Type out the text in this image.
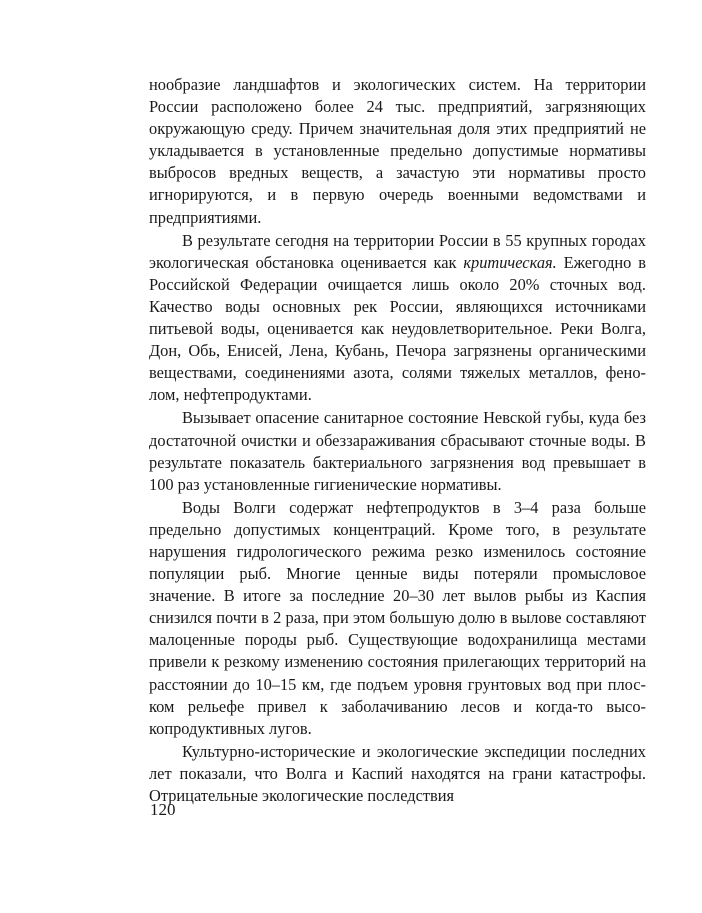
нообразие ландшафтов и экологических систем. На территории России расположено более 24 тыс. предприятий, загрязняющих окружающую среду. Причем значительная доля этих предприятий не укладывается в установленные предельно допустимые нормативы выбросов вредных веществ, а зачастую эти нормативы просто игнорируются, и в первую очередь военными ведомствами и предприятиями.

В результате сегодня на территории России в 55 крупных городах экологическая обстановка оценивается как критическая. Ежегодно в Российской Федерации очищается лишь около 20% сточных вод. Качество воды основных рек России, являющихся источниками питьевой воды, оценивается как неудовлетворительное. Реки Волга, Дон, Обь, Енисей, Лена, Кубань, Печора загрязнены органическими веществами, соединениями азота, солями тяжелых металлов, фенолом, нефтепродуктами.

Вызывает опасение санитарное состояние Невской губы, куда без достаточной очистки и обеззараживания сбрасывают сточные воды. В результате показатель бактериального загрязнения вод превышает в 100 раз установленные гигиенические нормативы.

Воды Волги содержат нефтепродуктов в 3–4 раза больше предельно допустимых концентраций. Кроме того, в результате нарушения гидрологического режима резко изменилось состояние популяции рыб. Многие ценные виды потеряли промысловое значение. В итоге за последние 20–30 лет вылов рыбы из Каспия снизился почти в 2 раза, при этом большую долю в вылове составляют малоценные породы рыб. Существующие водохранилища местами привели к резкому изменению состояния прилегающих территорий на расстоянии до 10–15 км, где подъем уровня грунтовых вод при плоском рельефе привел к заболачиванию лесов и когда-то высокопродуктивных лугов.

Культурно-исторические и экологические экспедиции последних лет показали, что Волга и Каспий находятся на грани катастрофы. Отрицательные экологические последствия

120
